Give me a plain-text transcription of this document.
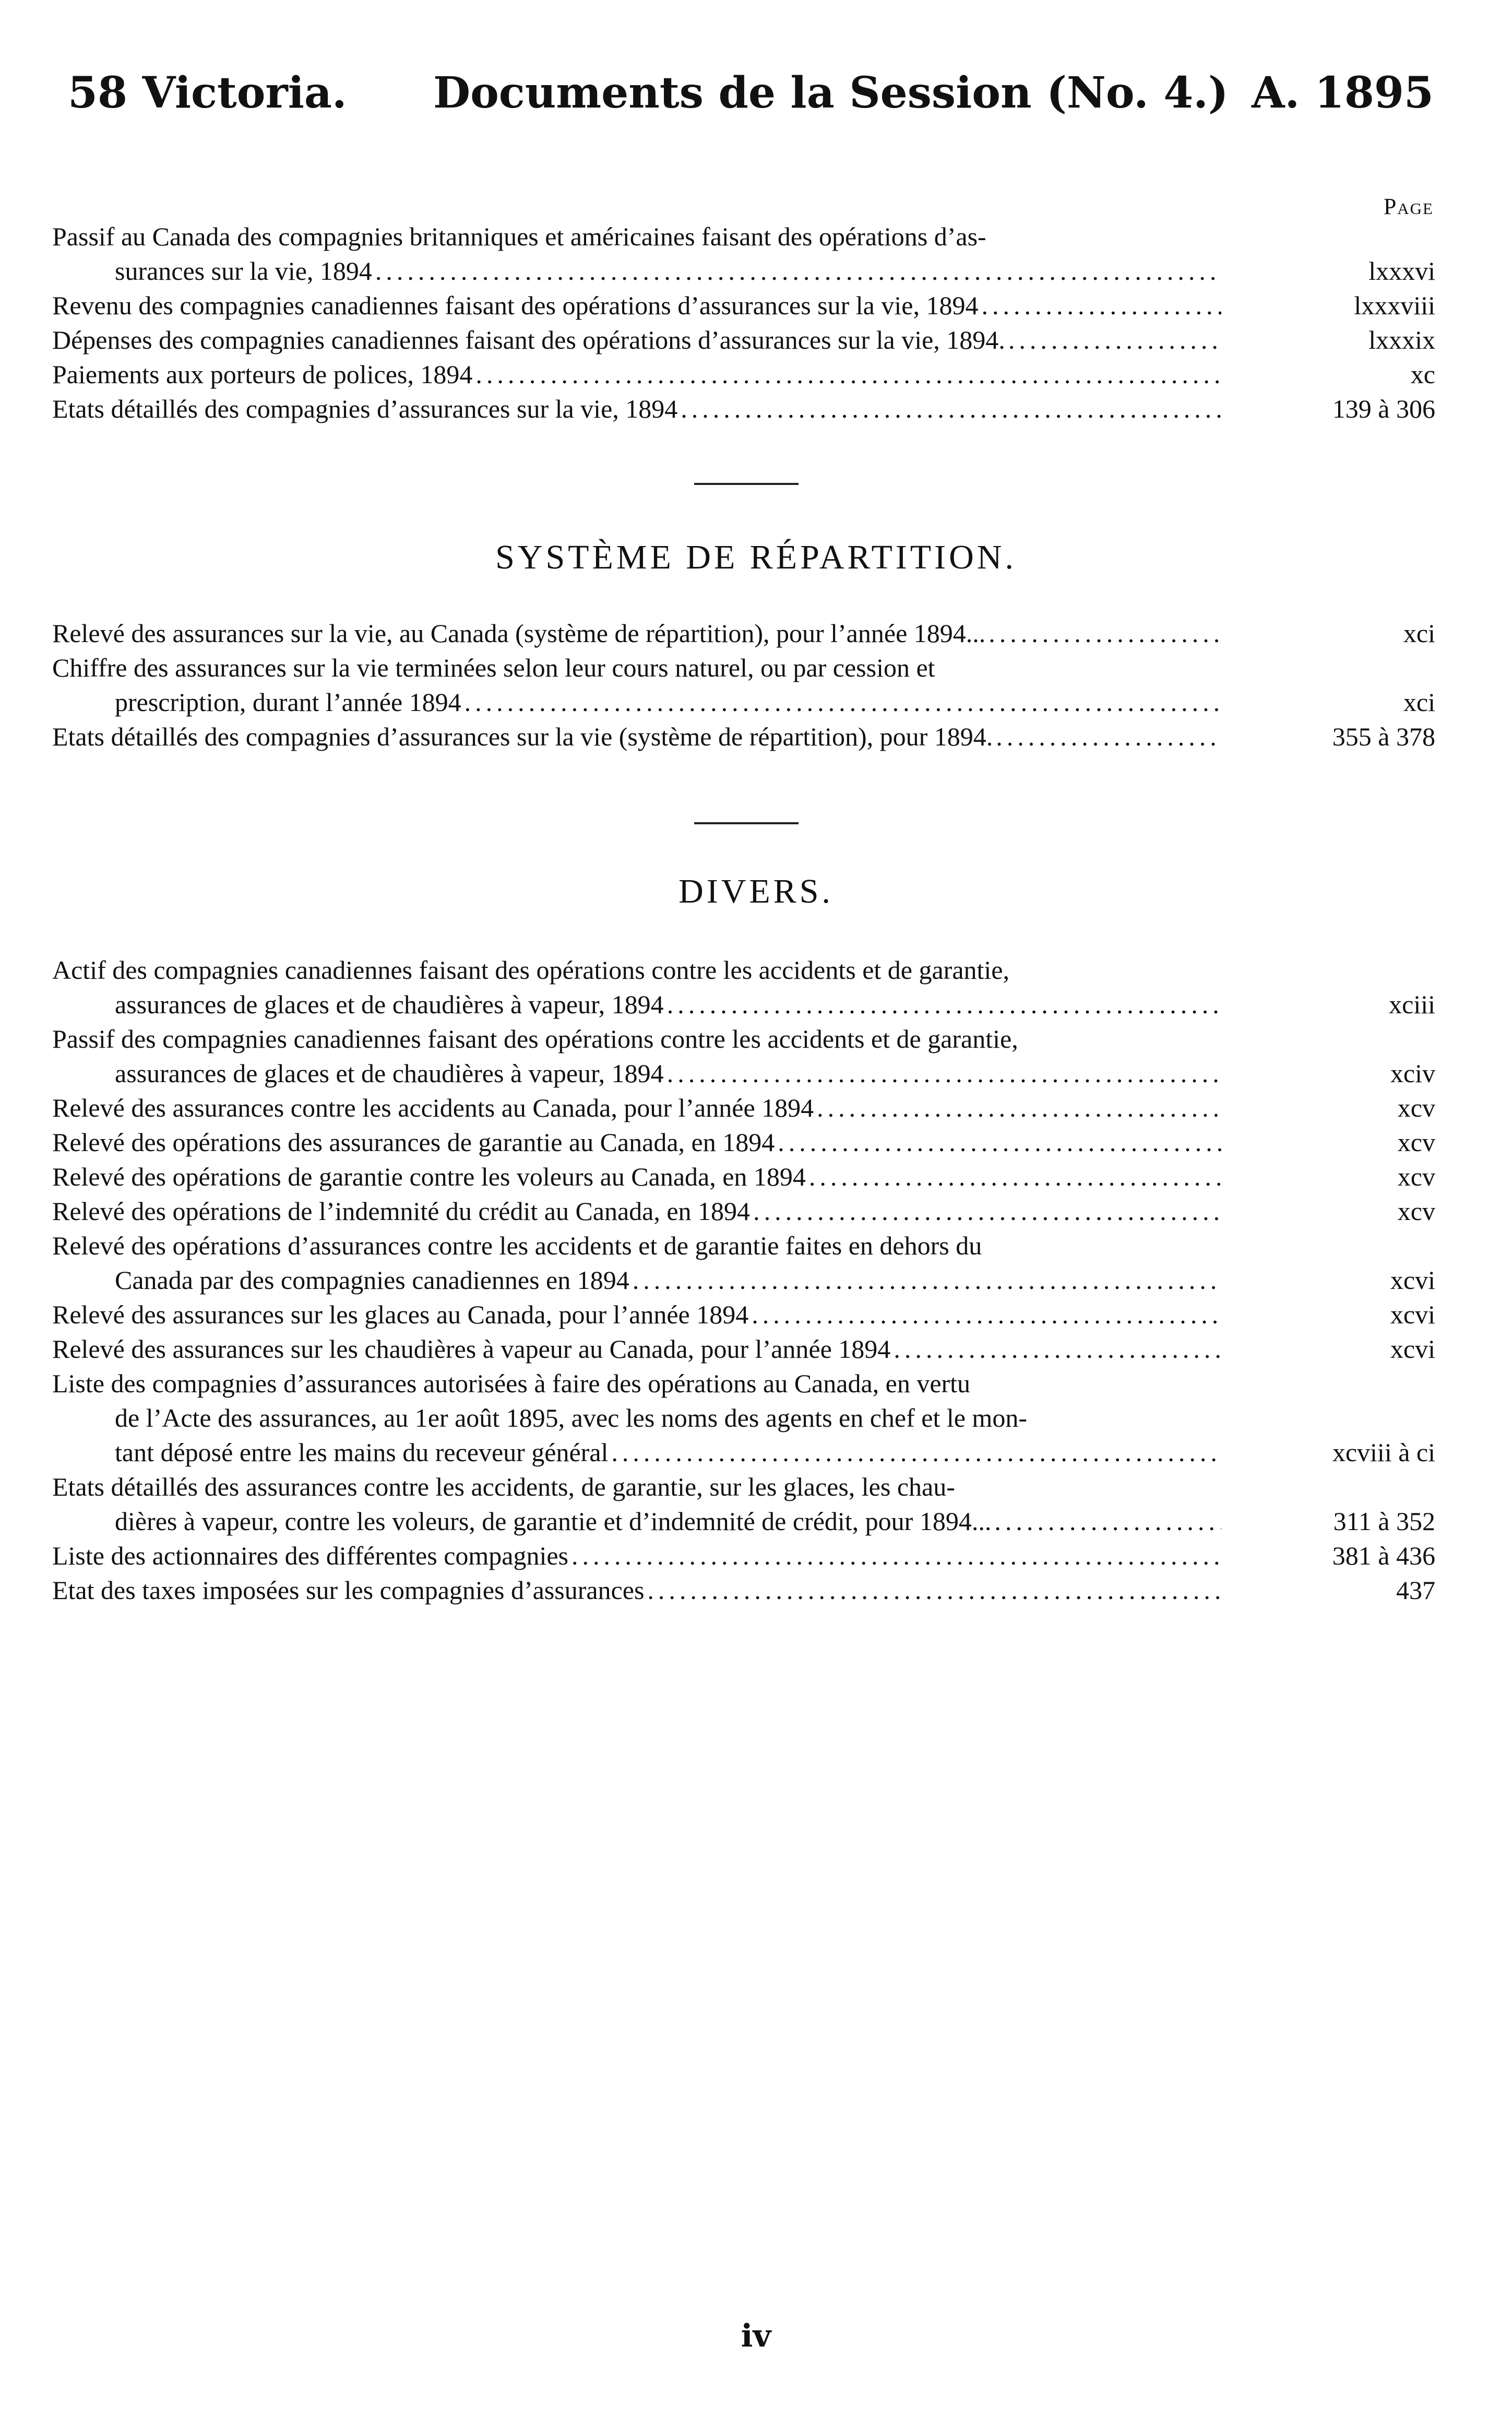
58 Victoria. Documents de la Session (No. 4.) A. 1895
Page
Passif au Canada des compagnies britanniques et américaines faisant des opérations d’as-
surances sur la vie, 1894 .....	lxxxvi
Revenu des compagnies canadiennes faisant des opérations d’assurances sur la vie, 1894 .....	lxxxviii
Dépenses des compagnies canadiennes faisant des opérations d’assurances sur la vie, 1894. .....	lxxxix
Paiements aux porteurs de polices, 1894 .....	xc
Etats détaillés des compagnies d’assurances sur la vie, 1894 .....	139 à 306
SYSTÈME DE RÉPARTITION.
Relevé des assurances sur la vie, au Canada (système de répartition), pour l’année 1894... .....	xci
Chiffre des assurances sur la vie terminées selon leur cours naturel, ou par cession et
prescription, durant l’année 1894 .....	xci
Etats détaillés des compagnies d’assurances sur la vie (système de répartition), pour 1894. .....	355 à 378
DIVERS.
Actif des compagnies canadiennes faisant des opérations contre les accidents et de garantie,
assurances de glaces et de chaudières à vapeur, 1894 .....	xciii
Passif des compagnies canadiennes faisant des opérations contre les accidents et de garantie,
assurances de glaces et de chaudières à vapeur, 1894 .....	xciv
Relevé des assurances contre les accidents au Canada, pour l’année 1894 .....	xcv
Relevé des opérations des assurances de garantie au Canada, en 1894 .....	xcv
Relevé des opérations de garantie contre les voleurs au Canada, en 1894 .....	xcv
Relevé des opérations de l’indemnité du crédit au Canada, en 1894 .....	xcv
Relevé des opérations d’assurances contre les accidents et de garantie faites en dehors du
Canada par des compagnies canadiennes en 1894 .....	xcvi
Relevé des assurances sur les glaces au Canada, pour l’année 1894 .....	xcvi
Relevé des assurances sur les chaudières à vapeur au Canada, pour l’année 1894 .....	xcvi
Liste des compagnies d’assurances autorisées à faire des opérations au Canada, en vertu
de l’Acte des assurances, au 1er août 1895, avec les noms des agents en chef et le mon-
tant déposé entre les mains du receveur général .....	xcviii à ci
Etats détaillés des assurances contre les accidents, de garantie, sur les glaces, les chau-
dières à vapeur, contre les voleurs, de garantie et d’indemnité de crédit, pour 1894... .....	311 à 352
Liste des actionnaires des différentes compagnies .....	381 à 436
Etat des taxes imposées sur les compagnies d’assurances .....	437
iv
